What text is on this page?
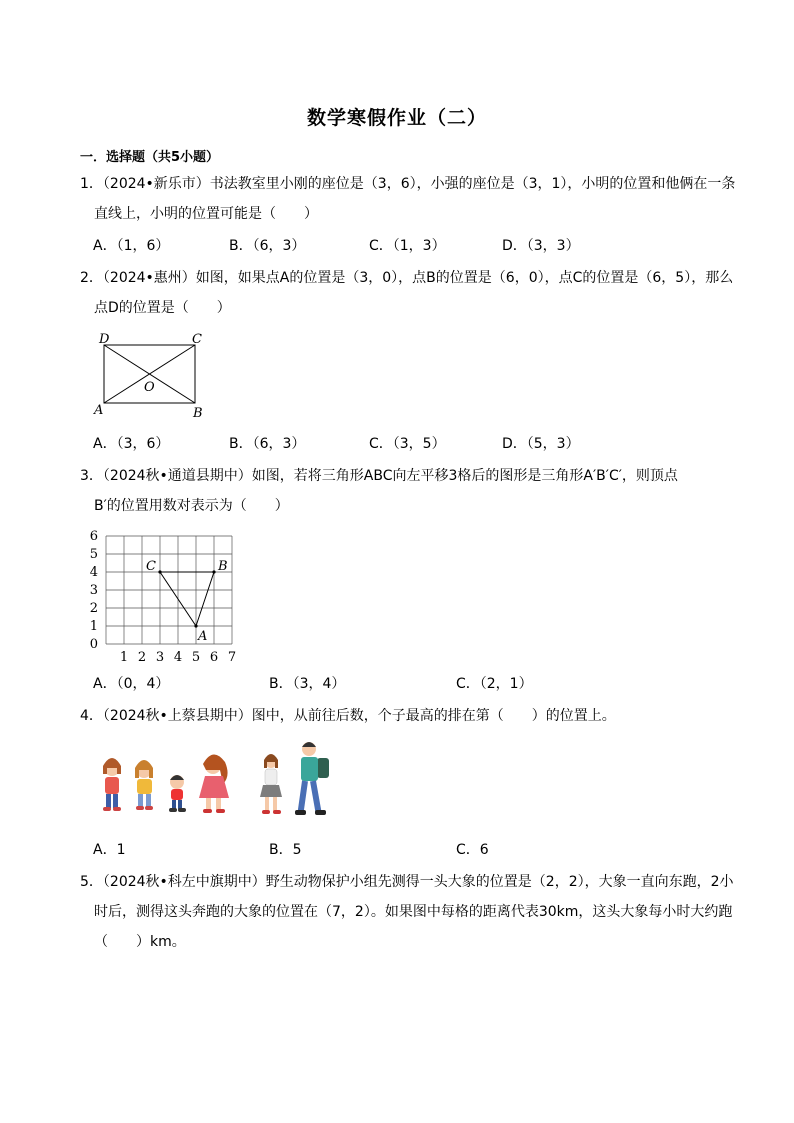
数学寒假作业（二）
一．选择题（共5小题）
1．（2024•新乐市）书法教室里小刚的座位是（3，6），小强的座位是（3，1），小明的位置和他俩在一条
直线上，小明的位置可能是（　　）
A．（1，6）	B．（6，3）	C．（1，3）	D．（3，3）
2．（2024•惠州）如图，如果点A的位置是（3，0），点B的位置是（6，0），点C的位置是（6，5），那么
点D的位置是（　　）
D	C
O
A	B
A．（3，6）	B．（6，3）	C．（3，5）	D．（5，3）
3．（2024秋•通道县期中）如图，若将三角形ABC向左平移3格后的图形是三角形A′B′C′，则顶点
B′的位置用数对表示为（　　）
1 2 3 4 5 6 7
0
1
2
3
4
5
6
A
B
C
A．（0，4）	B．（3，4）	C．（2，1）
4．（2024秋•上蔡县期中）图中，从前往后数，个子最高的排在第（　　）的位置上。
A．1	B．5	C．6
5．（2024秋•科左中旗期中）野生动物保护小组先测得一头大象的位置是（2，2），大象一直向东跑，2小
时后，测得这头奔跑的大象的位置在（7，2）。如果图中每格的距离代表30km，这头大象每小时大约跑
（　　）km。
